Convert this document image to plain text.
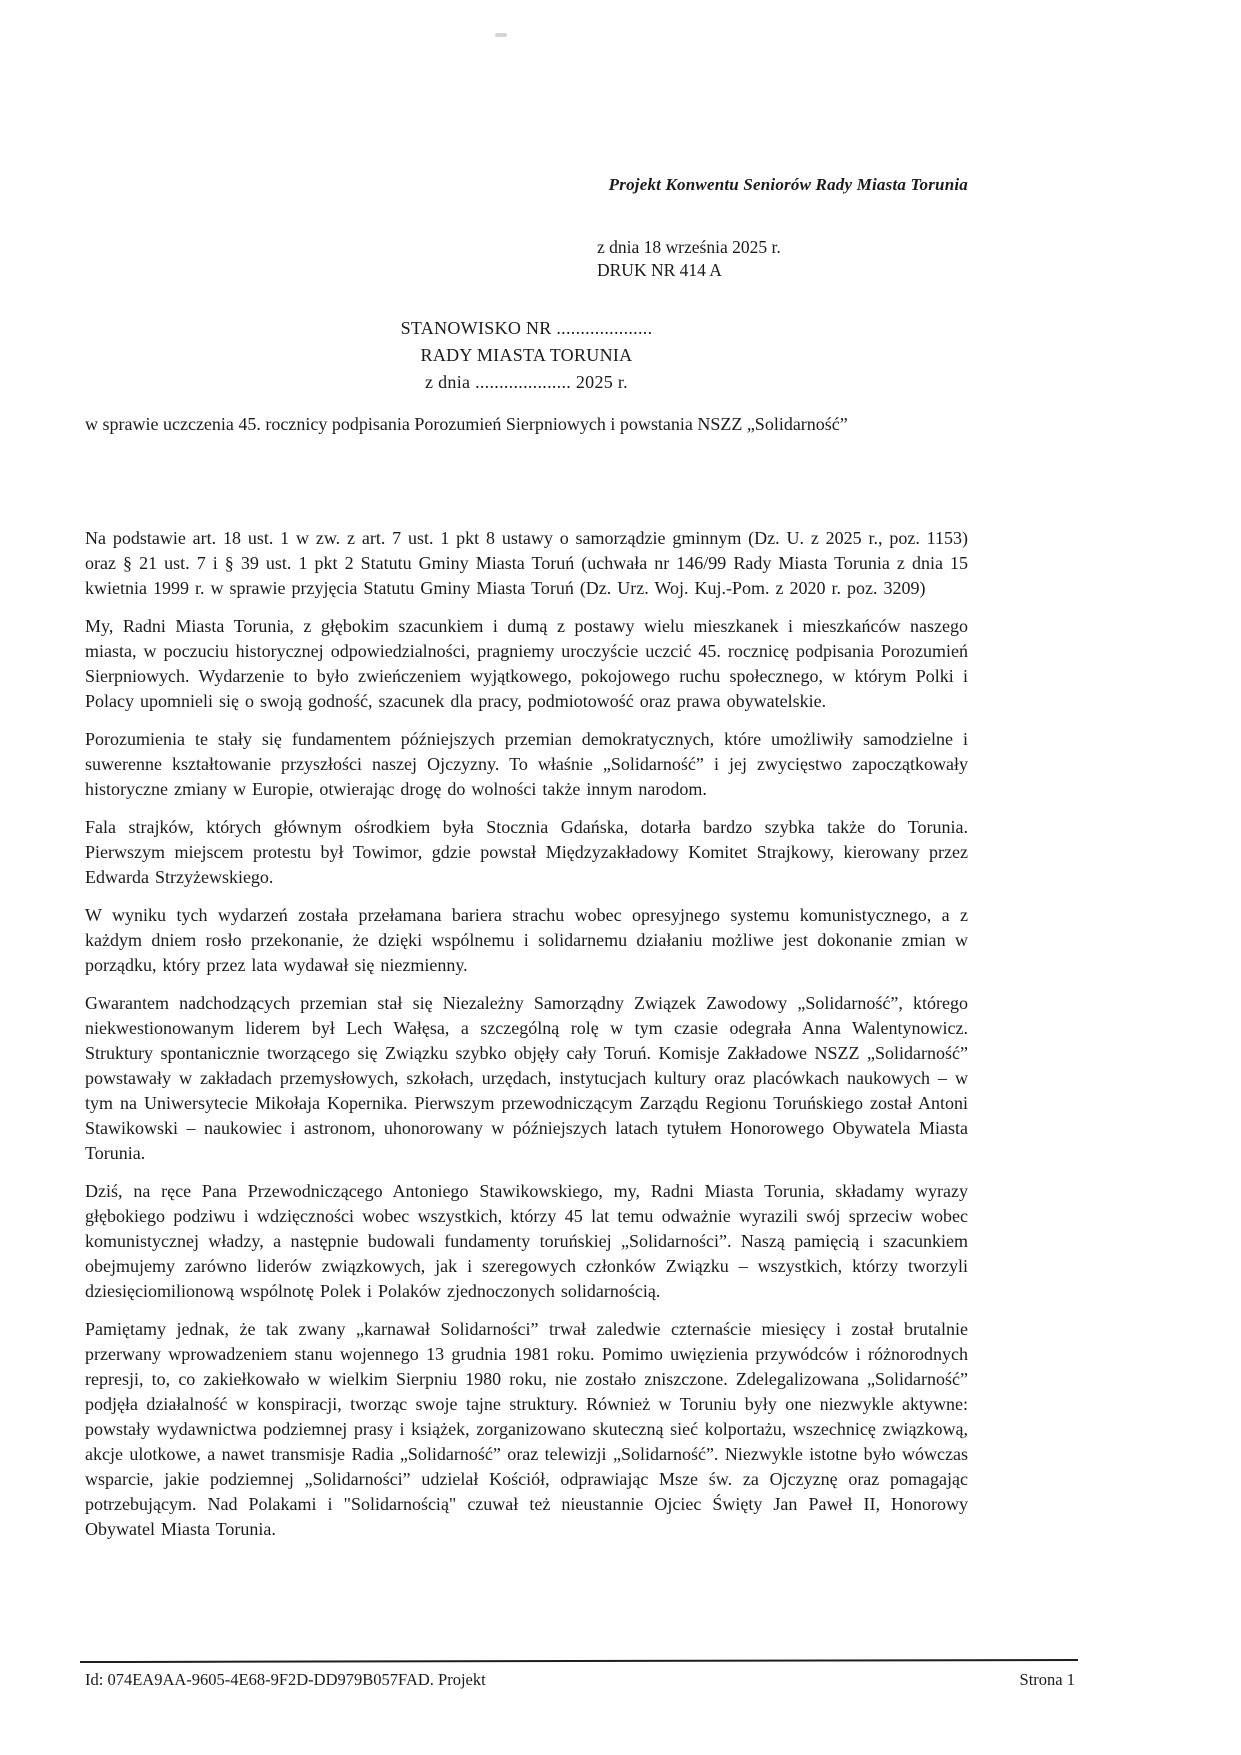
Projekt Konwentu Seniorów Rady Miasta Torunia
z dnia 18 września 2025 r.
DRUK NR 414 A
STANOWISKO NR ....................
RADY MIASTA TORUNIA
z dnia .................... 2025 r.

w sprawie uczczenia 45. rocznicy podpisania Porozumień Sierpniowych i powstania NSZZ „Solidarność”

Na podstawie art. 18 ust. 1 w zw. z art. 7 ust. 1 pkt 8 ustawy o samorządzie gminnym (Dz. U. z 2025 r., poz. 1153) oraz § 21 ust. 7 i § 39 ust. 1 pkt 2 Statutu Gminy Miasta Toruń (uchwała nr 146/99 Rady Miasta Torunia z dnia 15 kwietnia 1999 r. w sprawie przyjęcia Statutu Gminy Miasta Toruń (Dz. Urz. Woj. Kuj.-Pom. z 2020 r. poz. 3209)

My, Radni Miasta Torunia, z głębokim szacunkiem i dumą z postawy wielu mieszkanek i mieszkańców naszego miasta, w poczuciu historycznej odpowiedzialności, pragniemy uroczyście uczcić 45. rocznicę podpisania Porozumień Sierpniowych. Wydarzenie to było zwieńczeniem wyjątkowego, pokojowego ruchu społecznego, w którym Polki i Polacy upomnieli się o swoją godność, szacunek dla pracy, podmiotowość oraz prawa obywatelskie.

Porozumienia te stały się fundamentem późniejszych przemian demokratycznych, które umożliwiły samodzielne i suwerenne kształtowanie przyszłości naszej Ojczyzny. To właśnie „Solidarność” i jej zwycięstwo zapoczątkowały historyczne zmiany w Europie, otwierając drogę do wolności także innym narodom.

Fala strajków, których głównym ośrodkiem była Stocznia Gdańska, dotarła bardzo szybka także do Torunia. Pierwszym miejscem protestu był Towimor, gdzie powstał Międzyzakładowy Komitet Strajkowy, kierowany przez Edwarda Strzyżewskiego.

W wyniku tych wydarzeń została przełamana bariera strachu wobec opresyjnego systemu komunistycznego, a z każdym dniem rosło przekonanie, że dzięki wspólnemu i solidarnemu działaniu możliwe jest dokonanie zmian w porządku, który przez lata wydawał się niezmienny.

Gwarantem nadchodzących przemian stał się Niezależny Samorządny Związek Zawodowy „Solidarność”, którego niekwestionowanym liderem był Lech Wałęsa, a szczególną rolę w tym czasie odegrała Anna Walentynowicz. Struktury spontanicznie tworzącego się Związku szybko objęły cały Toruń. Komisje Zakładowe NSZZ „Solidarność” powstawały w zakładach przemysłowych, szkołach, urzędach, instytucjach kultury oraz placówkach naukowych – w tym na Uniwersytecie Mikołaja Kopernika. Pierwszym przewodniczącym Zarządu Regionu Toruńskiego został Antoni Stawikowski – naukowiec i astronom, uhonorowany w późniejszych latach tytułem Honorowego Obywatela Miasta Torunia.

Dziś, na ręce Pana Przewodniczącego Antoniego Stawikowskiego, my, Radni Miasta Torunia, składamy wyrazy głębokiego podziwu i wdzięczności wobec wszystkich, którzy 45 lat temu odważnie wyrazili swój sprzeciw wobec komunistycznej władzy, a następnie budowali fundamenty toruńskiej „Solidarności”. Naszą pamięcią i szacunkiem obejmujemy zarówno liderów związkowych, jak i szeregowych członków Związku – wszystkich, którzy tworzyli dziesięciomilionową wspólnotę Polek i Polaków zjednoczonych solidarnością.

Pamiętamy jednak, że tak zwany „karnawał Solidarności” trwał zaledwie czternaście miesięcy i został brutalnie przerwany wprowadzeniem stanu wojennego 13 grudnia 1981 roku. Pomimo uwięzienia przywódców i różnorodnych represji, to, co zakiełkowało w wielkim Sierpniu 1980 roku, nie zostało zniszczone. Zdelegalizowana „Solidarność” podjęła działalność w konspiracji, tworząc swoje tajne struktury. Również w Toruniu były one niezwykle aktywne: powstały wydawnictwa podziemnej prasy i książek, zorganizowano skuteczną sieć kolportażu, wszechnicę związkową, akcje ulotkowe, a nawet transmisje Radia „Solidarność” oraz telewizji „Solidarność”. Niezwykle istotne było wówczas wsparcie, jakie podziemnej „Solidarności” udzielał Kościół, odprawiając Msze św. za Ojczyznę oraz pomagając potrzebującym. Nad Polakami i "Solidarnością" czuwał też nieustannie Ojciec Święty Jan Paweł II, Honorowy Obywatel Miasta Torunia.

Id: 074EA9AA-9605-4E68-9F2D-DD979B057FAD. Projekt	Strona 1
